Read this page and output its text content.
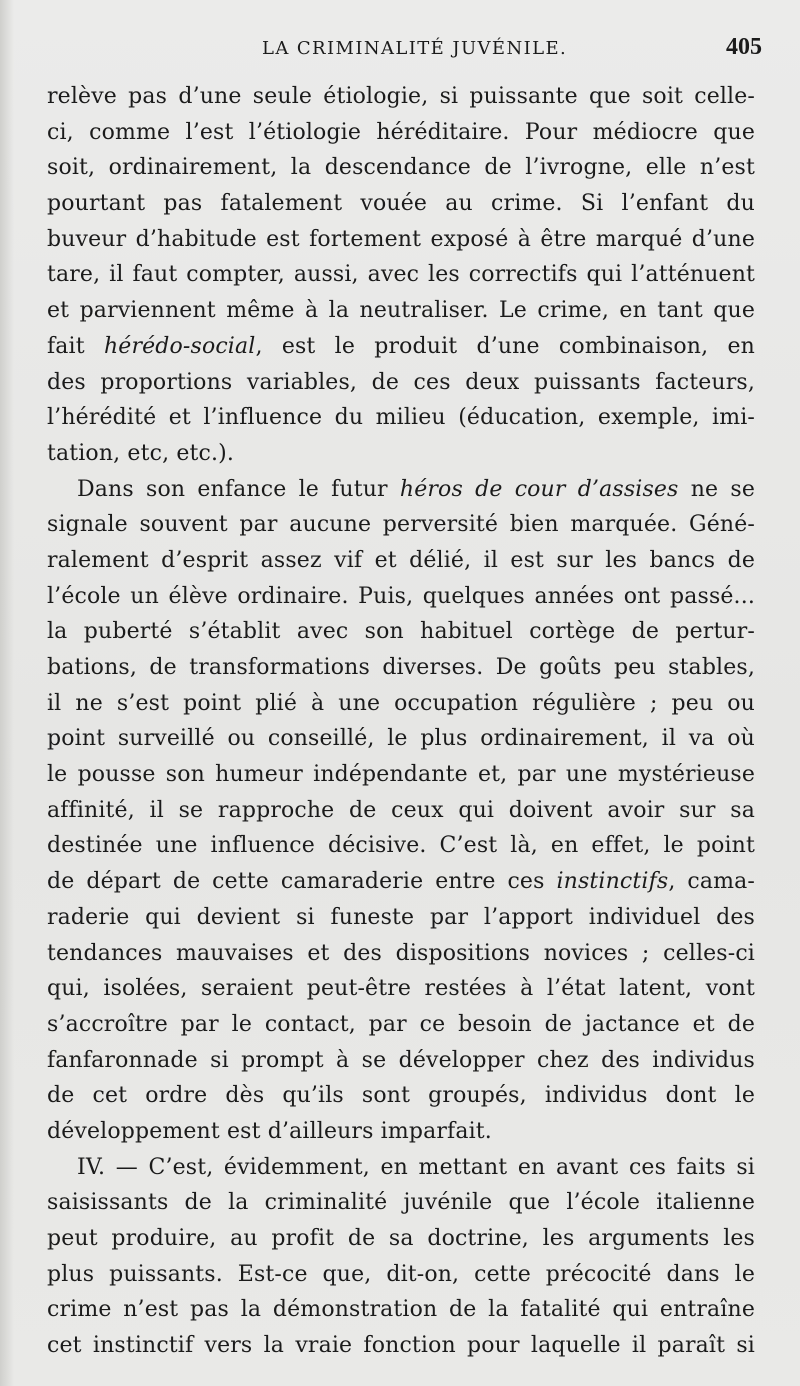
LA CRIMINALITÉ JUVÉNILE.	405
relève pas d’une seule étiologie, si puissante que soit celle-
ci, comme l’est l’étiologie héréditaire. Pour médiocre que
soit, ordinairement, la descendance de l’ivrogne, elle n’est
pourtant pas fatalement vouée au crime. Si l’enfant du
buveur d’habitude est fortement exposé à être marqué d’une
tare, il faut compter, aussi, avec les correctifs qui l’atténuent
et parviennent même à la neutraliser. Le crime, en tant que
fait hérédo-social, est le produit d’une combinaison, en
des proportions variables, de ces deux puissants facteurs,
l’hérédité et l’influence du milieu (éducation, exemple, imi-
tation, etc, etc.).
Dans son enfance le futur héros de cour d’assises ne se
signale souvent par aucune perversité bien marquée. Géné-
ralement d’esprit assez vif et délié, il est sur les bancs de
l’école un élève ordinaire. Puis, quelques années ont passé...
la puberté s’établit avec son habituel cortège de pertur-
bations, de transformations diverses. De goûts peu stables,
il ne s’est point plié à une occupation régulière ; peu ou
point surveillé ou conseillé, le plus ordinairement, il va où
le pousse son humeur indépendante et, par une mystérieuse
affinité, il se rapproche de ceux qui doivent avoir sur sa
destinée une influence décisive. C’est là, en effet, le point
de départ de cette camaraderie entre ces instinctifs, cama-
raderie qui devient si funeste par l’apport individuel des
tendances mauvaises et des dispositions novices ; celles-ci
qui, isolées, seraient peut-être restées à l’état latent, vont
s’accroître par le contact, par ce besoin de jactance et de
fanfaronnade si prompt à se développer chez des individus
de cet ordre dès qu’ils sont groupés, individus dont le
développement est d’ailleurs imparfait.
IV. — C’est, évidemment, en mettant en avant ces faits si
saisissants de la criminalité juvénile que l’école italienne
peut produire, au profit de sa doctrine, les arguments les
plus puissants. Est-ce que, dit-on, cette précocité dans le
crime n’est pas la démonstration de la fatalité qui entraîne
cet instinctif vers la vraie fonction pour laquelle il paraît si
